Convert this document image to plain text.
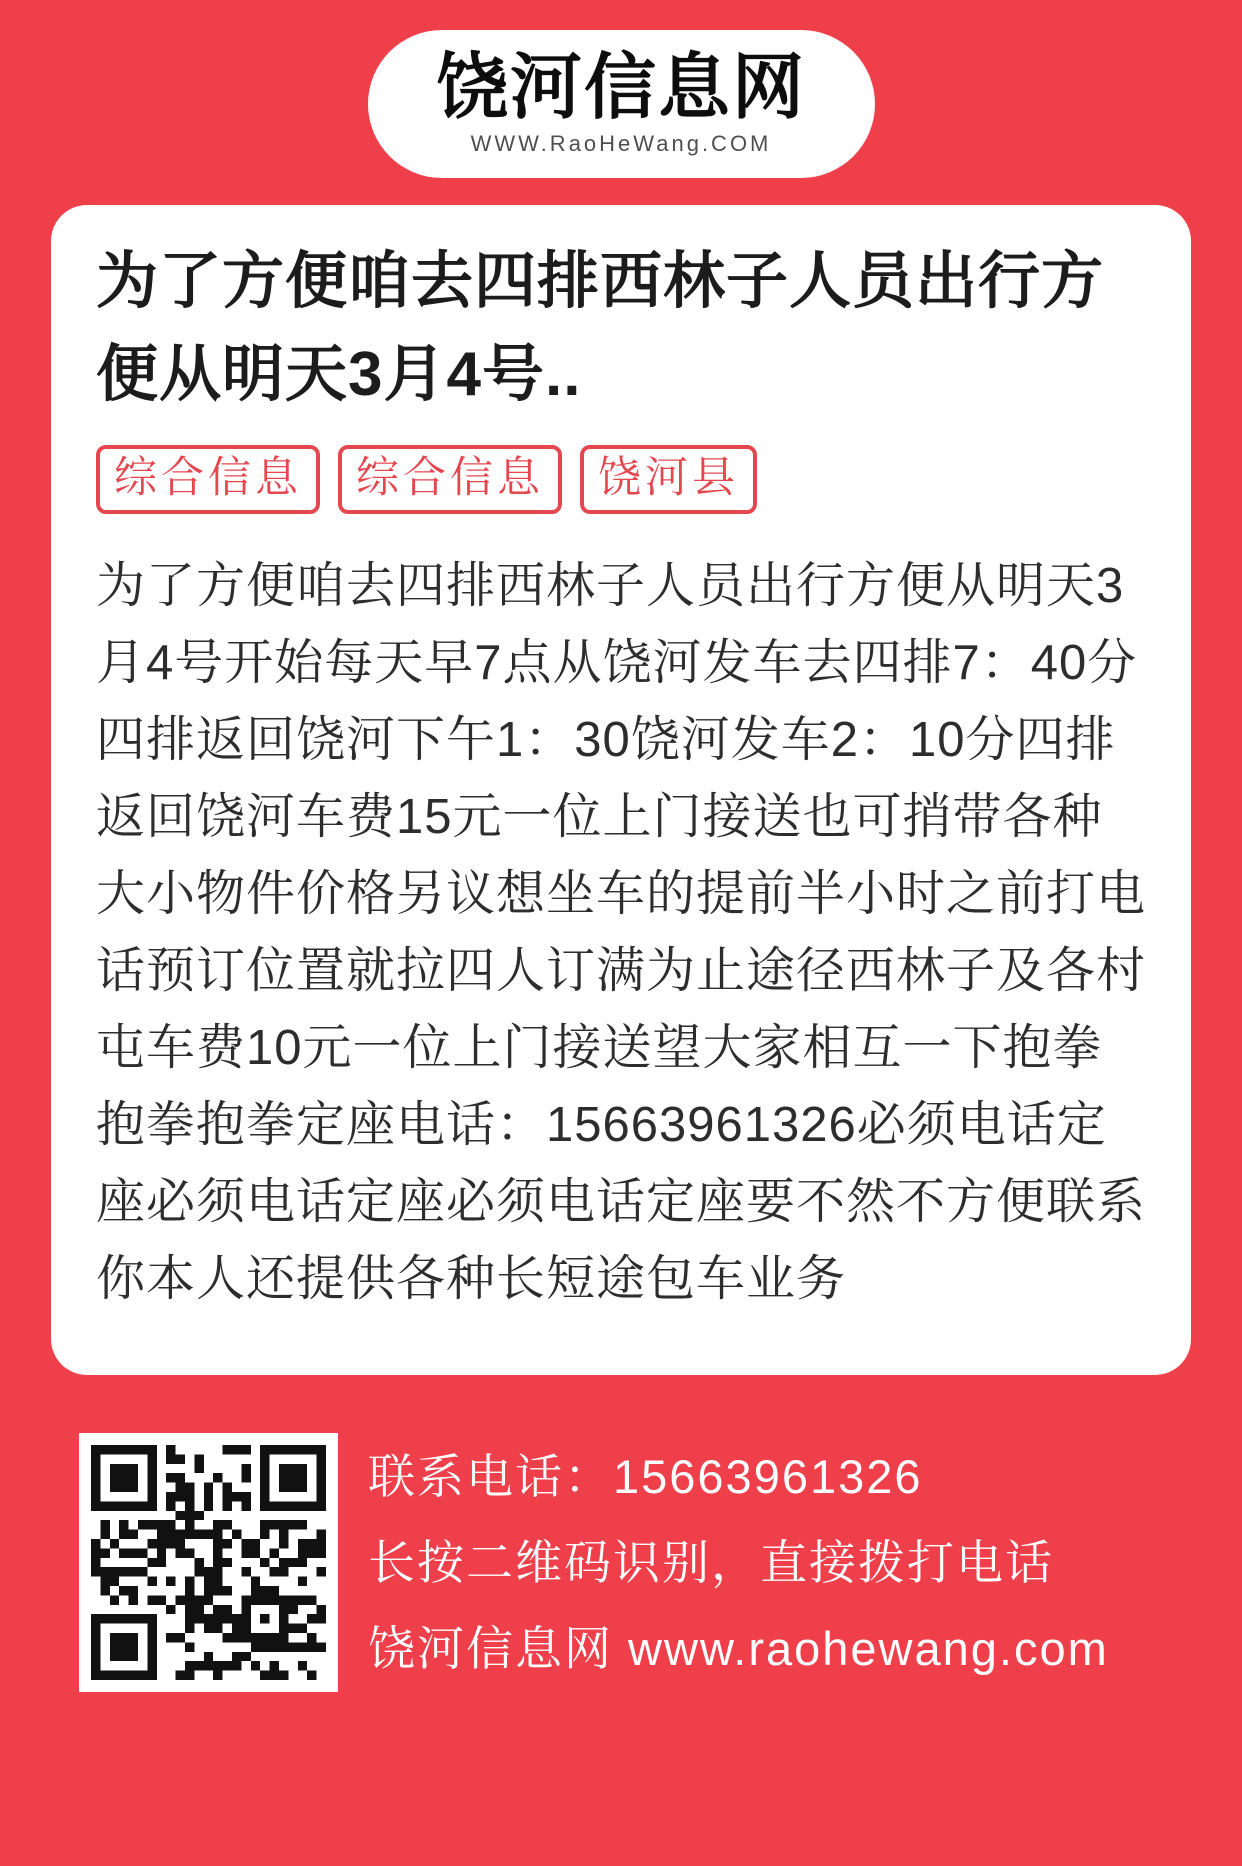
饶河信息网
WWW.RaoHeWang.COM
为了方便咱去四排西林子人员出行方便从明天3月4号..
综合信息	综合信息	饶河县
为了方便咱去四排西林子人员出行方便从明天3月4号开始每天早7点从饶河发车去四排7：40分四排返回饶河下午1：30饶河发车2：10分四排返回饶河车费15元一位上门接送也可捎带各种大小物件价格另议想坐车的提前半小时之前打电话预订位置就拉四人订满为止途径西林子及各村屯车费10元一位上门接送望大家相互一下抱拳抱拳抱拳定座电话：15663961326必须电话定座必须电话定座必须电话定座要不然不方便联系你本人还提供各种长短途包车业务
联系电话：15663961326
长按二维码识别，直接拨打电话
饶河信息网 www.raohewang.com
